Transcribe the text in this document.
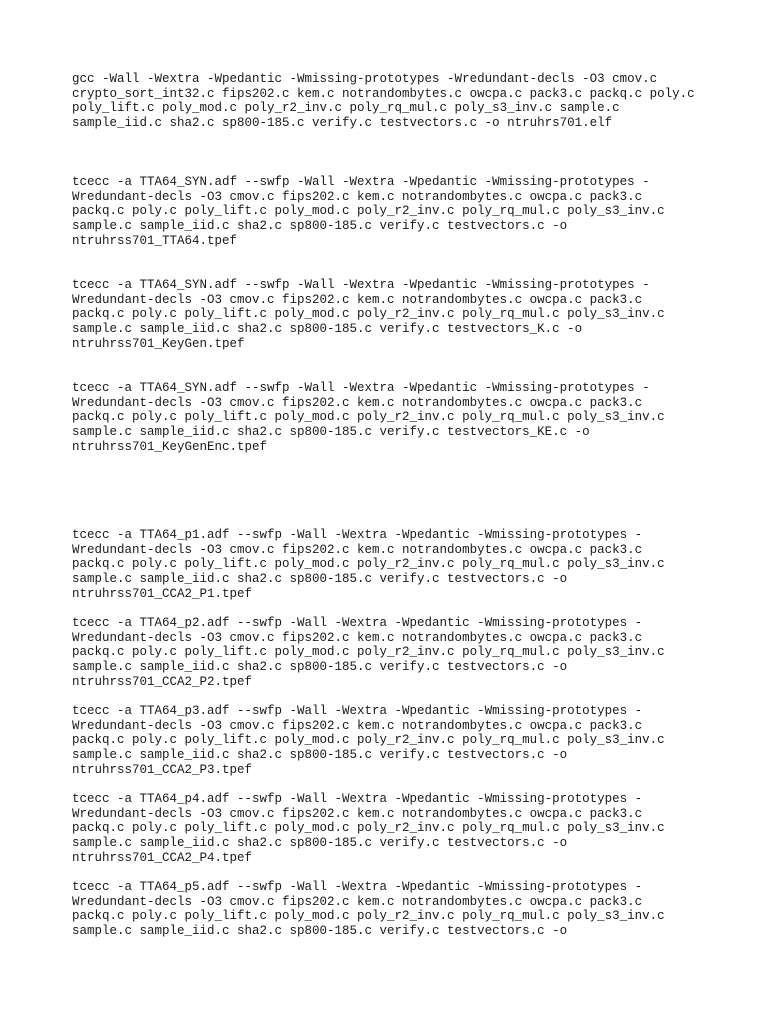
gcc -Wall -Wextra -Wpedantic -Wmissing-prototypes -Wredundant-decls -O3 cmov.c
crypto_sort_int32.c fips202.c kem.c notrandombytes.c owcpa.c pack3.c packq.c poly.c
poly_lift.c poly_mod.c poly_r2_inv.c poly_rq_mul.c poly_s3_inv.c sample.c
sample_iid.c sha2.c sp800-185.c verify.c testvectors.c -o ntruhrs701.elf
tcecc -a TTA64_SYN.adf --swfp -Wall -Wextra -Wpedantic -Wmissing-prototypes -
Wredundant-decls -O3 cmov.c fips202.c kem.c notrandombytes.c owcpa.c pack3.c
packq.c poly.c poly_lift.c poly_mod.c poly_r2_inv.c poly_rq_mul.c poly_s3_inv.c
sample.c sample_iid.c sha2.c sp800-185.c verify.c testvectors.c -o
ntruhrss701_TTA64.tpef
tcecc -a TTA64_SYN.adf --swfp -Wall -Wextra -Wpedantic -Wmissing-prototypes -
Wredundant-decls -O3 cmov.c fips202.c kem.c notrandombytes.c owcpa.c pack3.c
packq.c poly.c poly_lift.c poly_mod.c poly_r2_inv.c poly_rq_mul.c poly_s3_inv.c
sample.c sample_iid.c sha2.c sp800-185.c verify.c testvectors_K.c -o
ntruhrss701_KeyGen.tpef
tcecc -a TTA64_SYN.adf --swfp -Wall -Wextra -Wpedantic -Wmissing-prototypes -
Wredundant-decls -O3 cmov.c fips202.c kem.c notrandombytes.c owcpa.c pack3.c
packq.c poly.c poly_lift.c poly_mod.c poly_r2_inv.c poly_rq_mul.c poly_s3_inv.c
sample.c sample_iid.c sha2.c sp800-185.c verify.c testvectors_KE.c -o
ntruhrss701_KeyGenEnc.tpef
tcecc -a TTA64_p1.adf --swfp -Wall -Wextra -Wpedantic -Wmissing-prototypes -
Wredundant-decls -O3 cmov.c fips202.c kem.c notrandombytes.c owcpa.c pack3.c
packq.c poly.c poly_lift.c poly_mod.c poly_r2_inv.c poly_rq_mul.c poly_s3_inv.c
sample.c sample_iid.c sha2.c sp800-185.c verify.c testvectors.c -o
ntruhrss701_CCA2_P1.tpef
tcecc -a TTA64_p2.adf --swfp -Wall -Wextra -Wpedantic -Wmissing-prototypes -
Wredundant-decls -O3 cmov.c fips202.c kem.c notrandombytes.c owcpa.c pack3.c
packq.c poly.c poly_lift.c poly_mod.c poly_r2_inv.c poly_rq_mul.c poly_s3_inv.c
sample.c sample_iid.c sha2.c sp800-185.c verify.c testvectors.c -o
ntruhrss701_CCA2_P2.tpef
tcecc -a TTA64_p3.adf --swfp -Wall -Wextra -Wpedantic -Wmissing-prototypes -
Wredundant-decls -O3 cmov.c fips202.c kem.c notrandombytes.c owcpa.c pack3.c
packq.c poly.c poly_lift.c poly_mod.c poly_r2_inv.c poly_rq_mul.c poly_s3_inv.c
sample.c sample_iid.c sha2.c sp800-185.c verify.c testvectors.c -o
ntruhrss701_CCA2_P3.tpef
tcecc -a TTA64_p4.adf --swfp -Wall -Wextra -Wpedantic -Wmissing-prototypes -
Wredundant-decls -O3 cmov.c fips202.c kem.c notrandombytes.c owcpa.c pack3.c
packq.c poly.c poly_lift.c poly_mod.c poly_r2_inv.c poly_rq_mul.c poly_s3_inv.c
sample.c sample_iid.c sha2.c sp800-185.c verify.c testvectors.c -o
ntruhrss701_CCA2_P4.tpef
tcecc -a TTA64_p5.adf --swfp -Wall -Wextra -Wpedantic -Wmissing-prototypes -
Wredundant-decls -O3 cmov.c fips202.c kem.c notrandombytes.c owcpa.c pack3.c
packq.c poly.c poly_lift.c poly_mod.c poly_r2_inv.c poly_rq_mul.c poly_s3_inv.c
sample.c sample_iid.c sha2.c sp800-185.c verify.c testvectors.c -o
